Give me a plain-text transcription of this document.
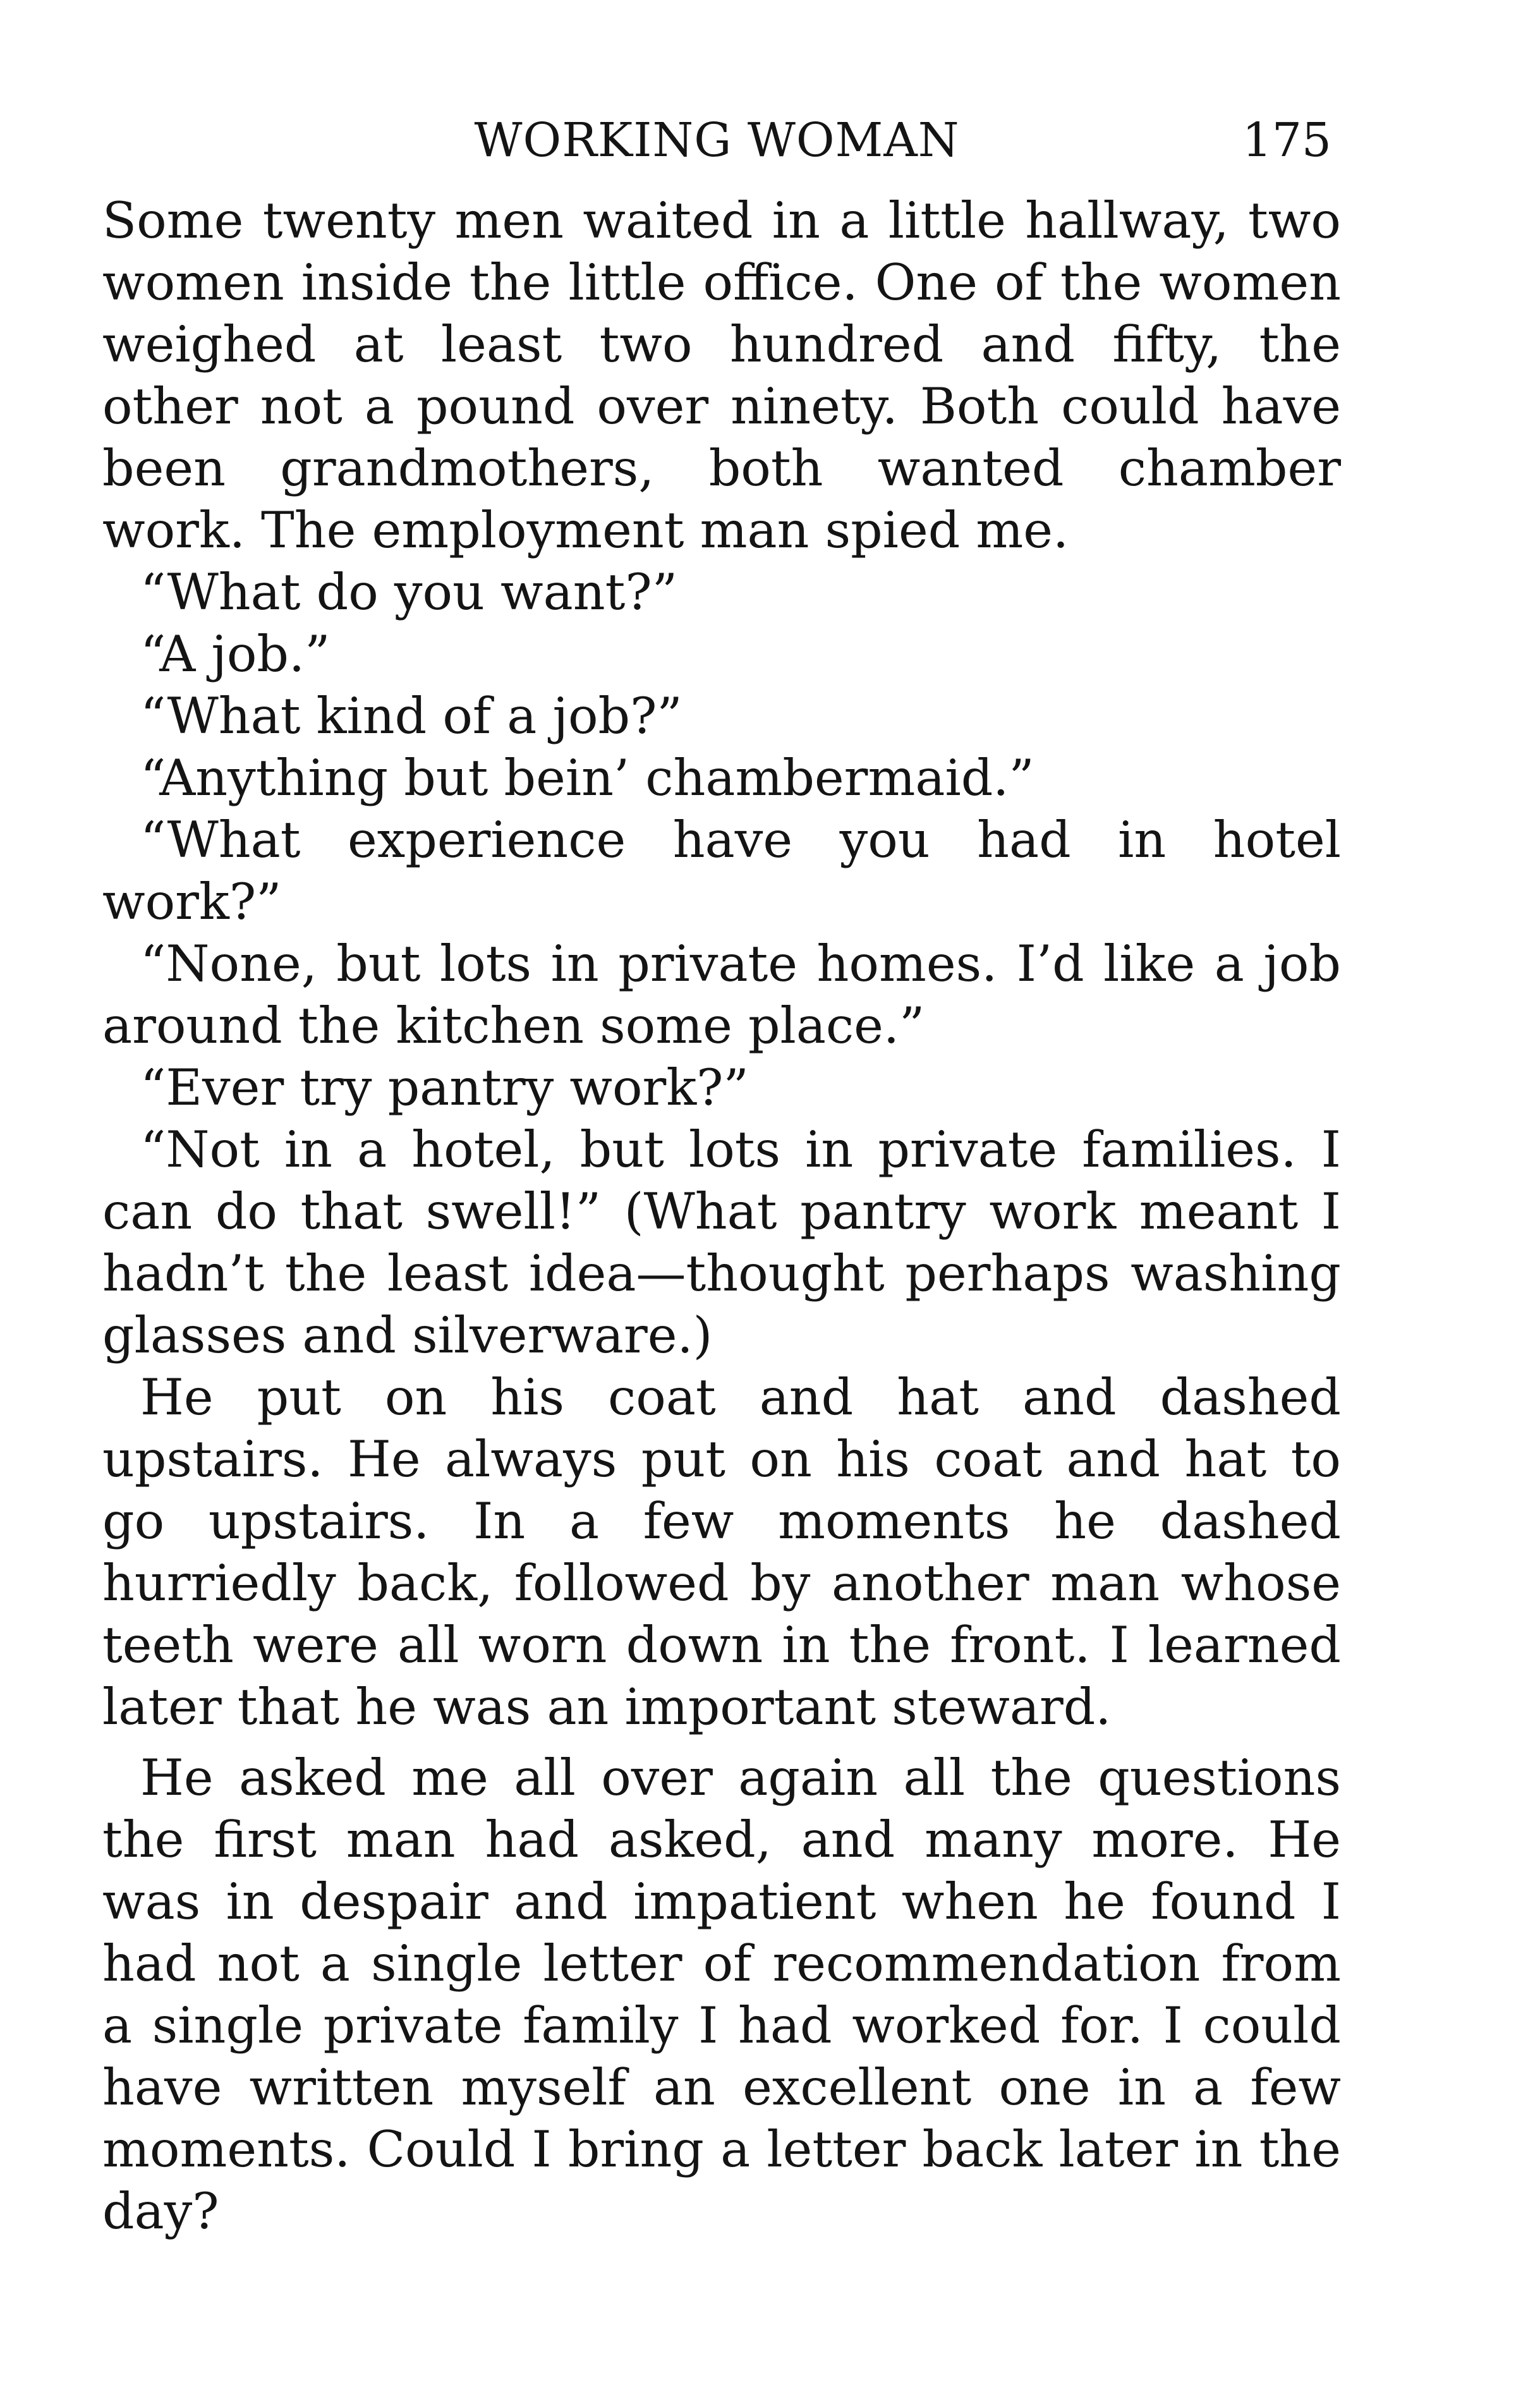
WORKING WOMAN	175

Some twenty men waited in a little hallway, two women inside the little office. One of the women weighed at least two hundred and fifty, the other not a pound over ninety. Both could have been grandmothers, both wanted chamber work. The employment man spied me.

“What do you want?”

“A job.”

“What kind of a job?”

“Anything but bein’ chambermaid.”

“What experience have you had in hotel work?”

“None, but lots in private homes. I’d like a job around the kitchen some place.”

“Ever try pantry work?”

“Not in a hotel, but lots in private families. I can do that swell!” (What pantry work meant I hadn’t the least idea—thought perhaps washing glasses and silverware.)

He put on his coat and hat and dashed upstairs. He always put on his coat and hat to go upstairs. In a few moments he dashed hurriedly back, followed by another man whose teeth were all worn down in the front. I learned later that he was an important steward.

He asked me all over again all the questions the first man had asked, and many more. He was in despair and impatient when he found I had not a single letter of recommendation from a single private family I had worked for. I could have written myself an excellent one in a few moments. Could I bring a letter back later in the day?
